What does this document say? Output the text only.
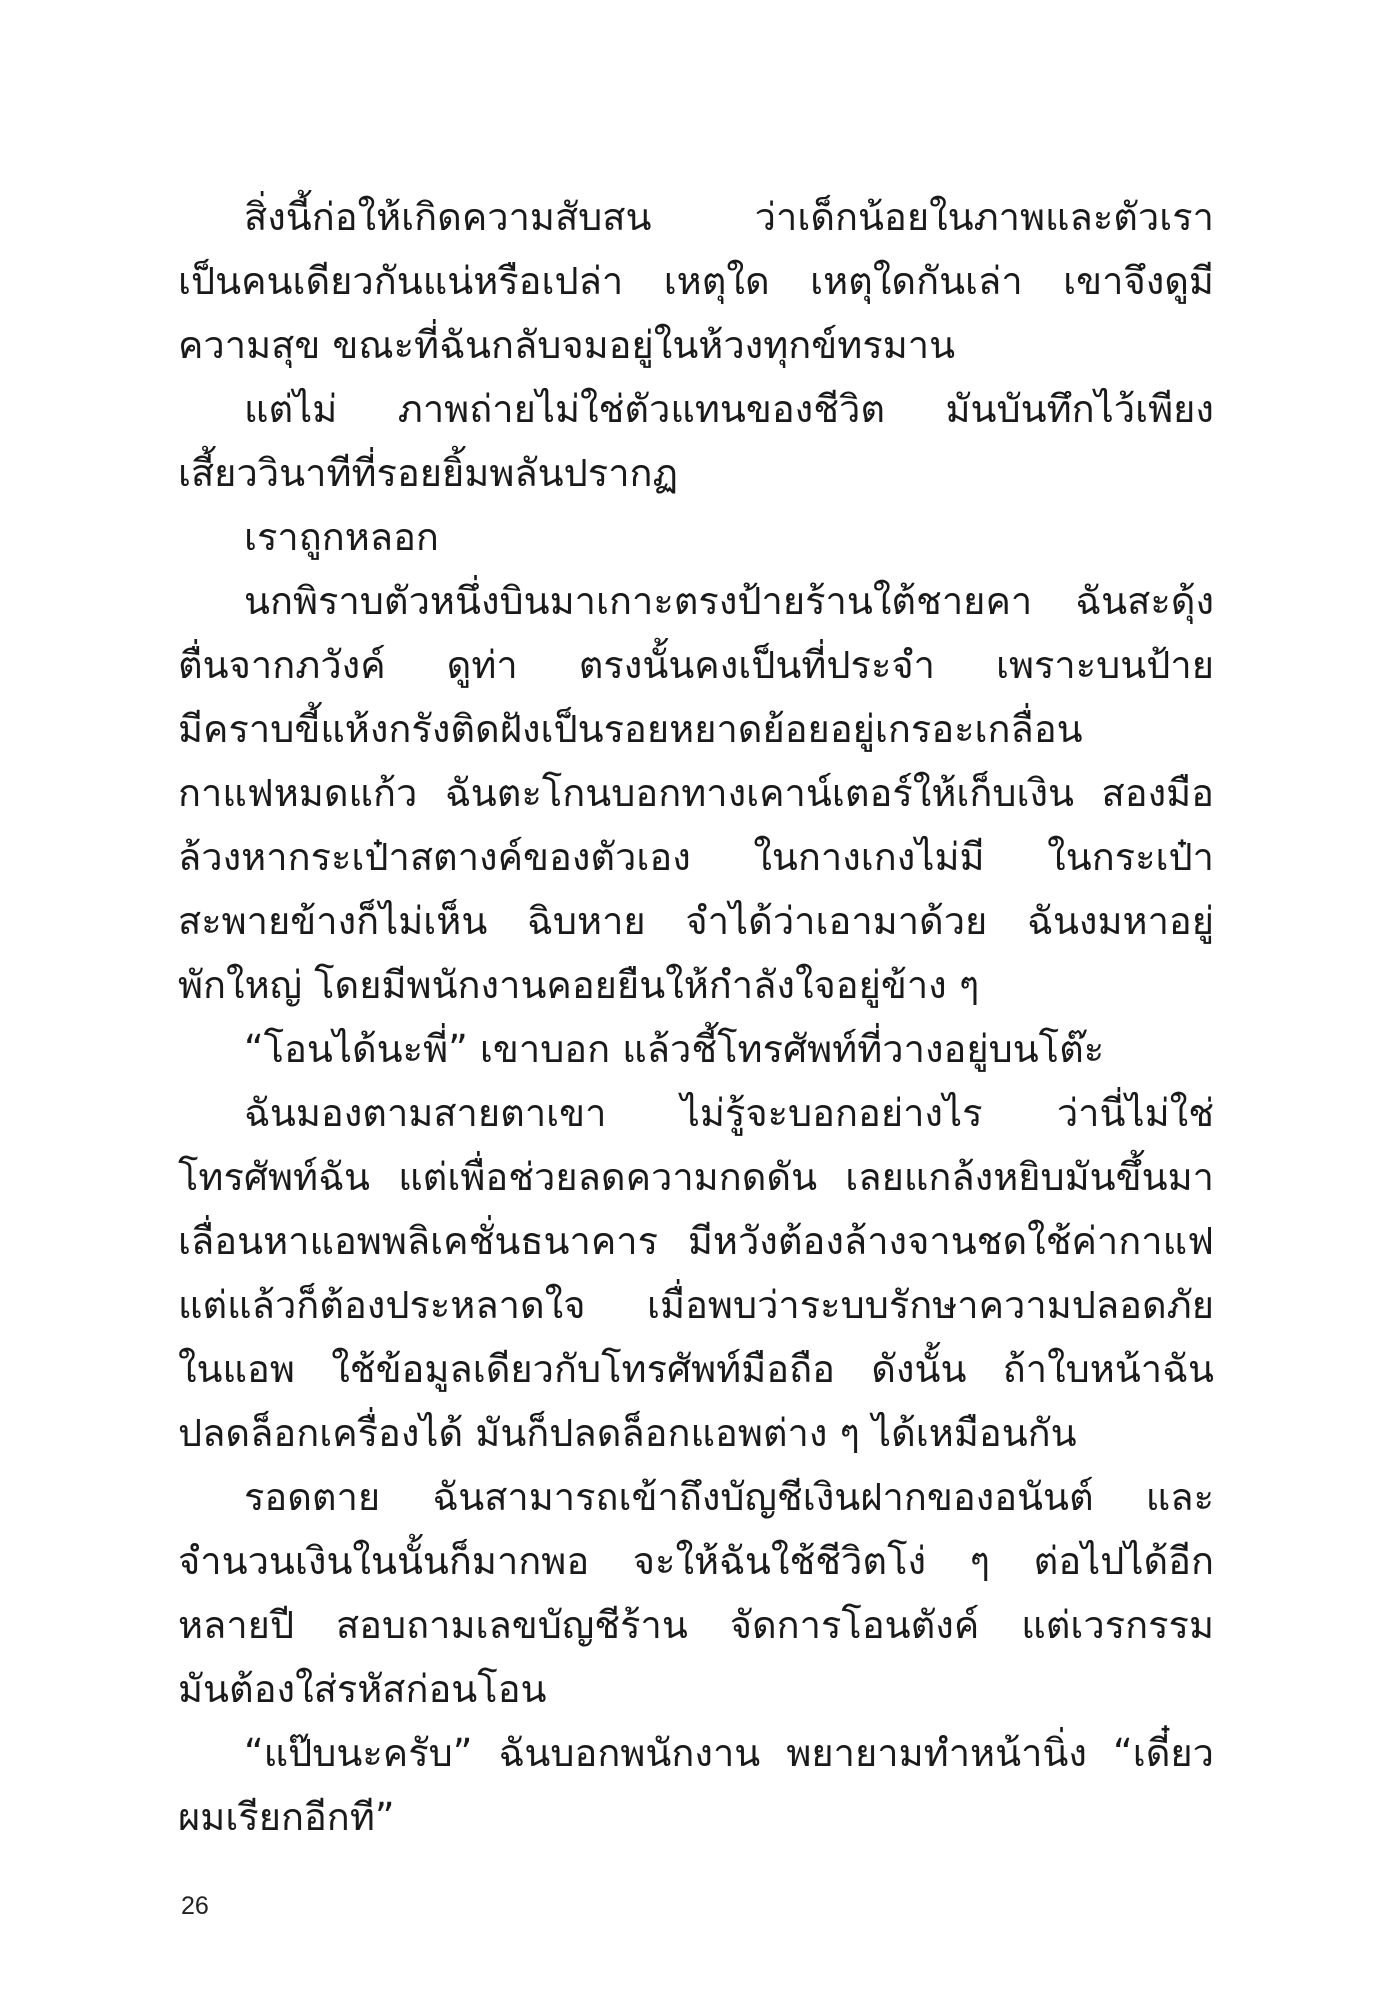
สิ่งนี้ก่อให้เกิดความสับสน ว่าเด็กน้อยในภาพและตัวเรา
เป็นคนเดียวกันแน่หรือเปล่า เหตุใด เหตุใดกันเล่า เขาจึงดูมี
ความสุข ขณะที่ฉันกลับจมอยู่ในห้วงทุกข์ทรมาน
แต่ไม่ ภาพถ่ายไม่ใช่ตัวแทนของชีวิต มันบันทึกไว้เพียง
เสี้ยววินาทีที่รอยยิ้มพลันปรากฏ
เราถูกหลอก
นกพิราบตัวหนึ่งบินมาเกาะตรงป้ายร้านใต้ชายคา ฉันสะดุ้ง
ตื่นจากภวังค์ ดูท่า ตรงนั้นคงเป็นที่ประจำ เพราะบนป้าย
มีคราบขี้แห้งกรังติดฝังเป็นรอยหยาดย้อยอยู่เกรอะเกลื่อน
กาแฟหมดแก้ว ฉันตะโกนบอกทางเคาน์เตอร์ให้เก็บเงิน สองมือ
ล้วงหากระเป๋าสตางค์ของตัวเอง ในกางเกงไม่มี ในกระเป๋า
สะพายข้างก็ไม่เห็น ฉิบหาย จำได้ว่าเอามาด้วย ฉันงมหาอยู่
พักใหญ่ โดยมีพนักงานคอยยืนให้กำลังใจอยู่ข้าง ๆ
“โอนได้นะพี่” เขาบอก แล้วชี้โทรศัพท์ที่วางอยู่บนโต๊ะ
ฉันมองตามสายตาเขา ไม่รู้จะบอกอย่างไร ว่านี่ไม่ใช่
โทรศัพท์ฉัน แต่เพื่อช่วยลดความกดดัน เลยแกล้งหยิบมันขึ้นมา
เลื่อนหาแอพพลิเคชั่นธนาคาร มีหวังต้องล้างจานชดใช้ค่ากาแฟ
แต่แล้วก็ต้องประหลาดใจ เมื่อพบว่าระบบรักษาความปลอดภัย
ในแอพ ใช้ข้อมูลเดียวกับโทรศัพท์มือถือ ดังนั้น ถ้าใบหน้าฉัน
ปลดล็อกเครื่องได้ มันก็ปลดล็อกแอพต่าง ๆ ได้เหมือนกัน
รอดตาย ฉันสามารถเข้าถึงบัญชีเงินฝากของอนันต์ และ
จำนวนเงินในนั้นก็มากพอ จะให้ฉันใช้ชีวิตโง่ ๆ ต่อไปได้อีก
หลายปี สอบถามเลขบัญชีร้าน จัดการโอนตังค์ แต่เวรกรรม
มันต้องใส่รหัสก่อนโอน
“แป๊บนะครับ” ฉันบอกพนักงาน พยายามทำหน้านิ่ง “เดี๋ยว
ผมเรียกอีกที”
26
